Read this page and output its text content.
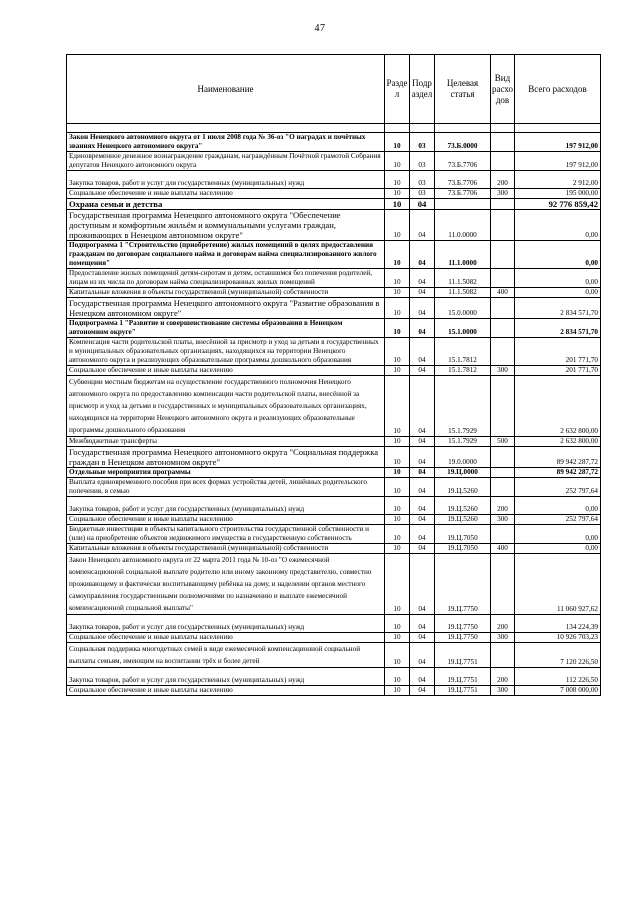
47
Наименование	Разде л	Подр аздел	Целевая статья	Вид расхо дов	Всего расходов

Закон Ненецкого автономного округа от 1 июля 2008 года № 36-оз "О наградах и почётных званиях Ненецкого автономного округа"	10	03	73.Б.0000		197 912,00
Единовременное денежное вознаграждение гражданам, награждённым Почётной грамотой Собрания депутатов Ненецкого автономного округа	10	03	73.Б.7706		197 912,00
Закупка товаров, работ и услуг для государственных (муниципальных) нужд	10	03	73.Б.7706	200	2 912,00
Социальное обеспечение и иные выплаты населению	10	03	73.Б.7706	300	195 000,00
Охрана семьи и детства	10	04			92 776 859,42
Государственная программа Ненецкого автономного округа "Обеспечение доступным и комфортным жильём и коммунальными услугами граждан, проживающих в Ненецком автономном округе"	10	04	11.0.0000		0,00
Подпрограмма 1 "Строительство (приобретение) жилых помещений в целях предоставления гражданам по договорам социального найма и договорам найма специализированного жилого помещения"	10	04	11.1.0000		0,00
Предоставление жилых помещений детям-сиротам и детям, оставшимся без попечения родителей, лицам из их числа по договорам найма специализированных жилых помещений	10	04	11.1.5082		0,00
Капитальные вложения в объекты государственной (муниципальной) собственности	10	04	11.1.5082	400	0,00
Государственная программа Ненецкого автономного округа "Развитие образования в Ненецком автономном округе"	10	04	15.0.0000		2 834 571,70
Подпрограмма 1 "Развитие и совершенствование системы образования в Ненецком автономном округе"	10	04	15.1.0000		2 834 571,70
Компенсация части родительской платы, внесённой за присмотр и уход за детьми в государственных и муниципальных образовательных организациях, находящихся на территории Ненецкого автономного округа и реализующих образовательные программы дошкольного образования	10	04	15.1.7812		201 771,70
Социальное обеспечение и иные выплаты населению	10	04	15.1.7812	300	201 771,70
Субвенции местным бюджетам на осуществление государственного полномочия Ненецкого автономного округа по предоставлению компенсации части родительской платы, внесённой за присмотр и уход за детьми в государственных и муниципальных образовательных организациях, находящихся на территории Ненецкого автономного округа и реализующих образовательные программы дошкольного образования	10	04	15.1.7929		2 632 800,00
Межбюджетные трансферты	10	04	15.1.7929	500	2 632 800,00
Государственная программа Ненецкого автономного округа "Социальная поддержка граждан в Ненецком автономном округе"	10	04	19.0.0000		89 942 287,72
Отдельные мероприятия программы	10	04	19.Ц.0000		89 942 287,72
Выплата единовременного пособия при всех формах устройства детей, лишённых родительского попечения, в семью	10	04	19.Ц.5260		252 797,64
Закупка товаров, работ и услуг для государственных (муниципальных) нужд	10	04	19.Ц.5260	200	0,00
Социальное обеспечение и иные выплаты населению	10	04	19.Ц.5260	300	252 797,64
Бюджетные инвестиции в объекты капитального строительства государственной собственности и (или) на приобретение объектов недвижимого имущества в государственную собственность	10	04	19.Ц.7050		0,00
Капитальные вложения в объекты государственной (муниципальной) собственности	10	04	19.Ц.7050	400	0,00
Закон Ненецкого автономного округа от 22 марта 2011 года № 10-оз "О ежемесячной компенсационной социальной выплате родителю или иному законному представителю, совместно проживающему и фактически воспитывающему ребёнка на дому, и наделении органов местного самоуправления государственными полномочиями по назначению и выплате ежемесячной компенсационной социальной выплаты"	10	04	19.Ц.7750		11 060 927,62
Закупка товаров, работ и услуг для государственных (муниципальных) нужд	10	04	19.Ц.7750	200	134 224,39
Социальное обеспечение и иные выплаты населению	10	04	19.Ц.7750	300	10 926 703,23
Социальная поддержка многодетных семей в виде ежемесячной компенсационной социальной выплаты семьям, имеющим на воспитании трёх и более детей	10	04	19.Ц.7751		7 120 226,50
Закупка товаров, работ и услуг для государственных (муниципальных) нужд	10	04	19.Ц.7751	200	112 226,50
Социальное обеспечение и иные выплаты населению	10	04	19.Ц.7751	300	7 008 000,00
